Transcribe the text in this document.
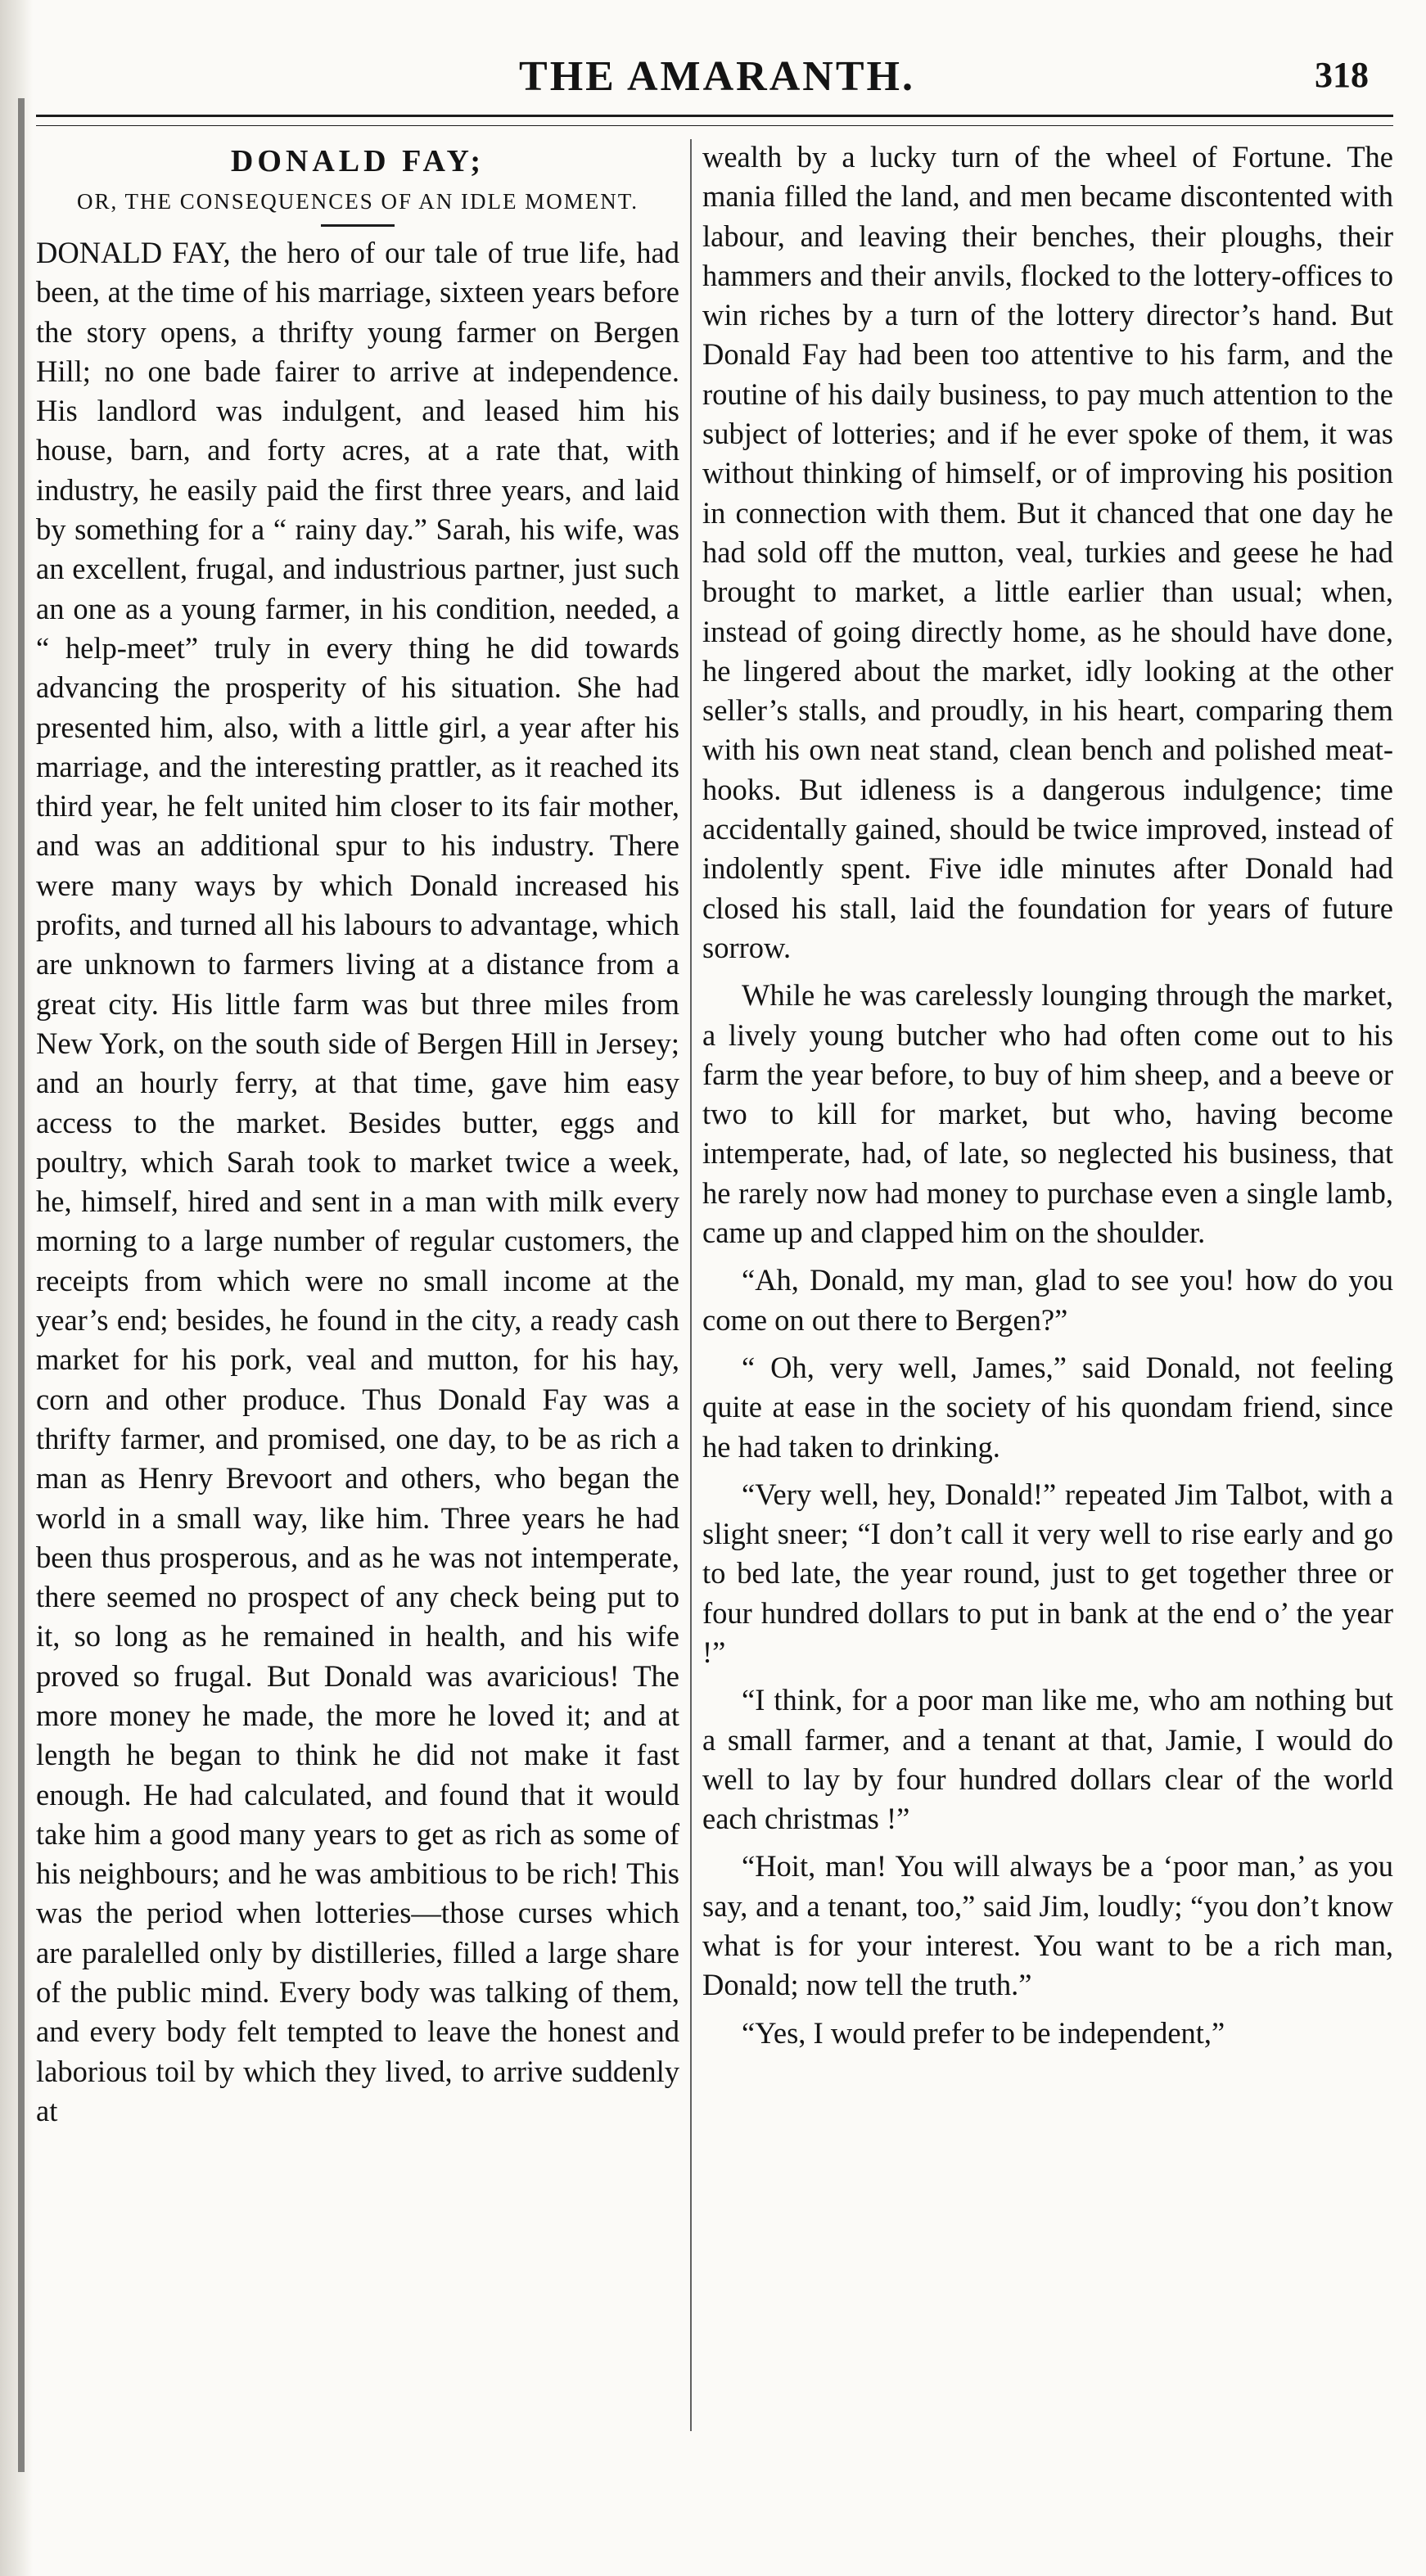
THE AMARANTH.	318
DONALD FAY;
OR, THE CONSEQUENCES OF AN IDLE MOMENT.

DONALD FAY, the hero of our tale of true life, had been, at the time of his marriage, sixteen years before the story opens, a thrifty young farmer on Bergen Hill; no one bade fairer to arrive at independence. His landlord was indulgent, and leased him his house, barn, and forty acres, at a rate that, with industry, he easily paid the first three years, and laid by something for a “ rainy day.” Sarah, his wife, was an excellent, frugal, and industrious partner, just such an one as a young farmer, in his condition, needed, a “ help-meet” truly in every thing he did towards advancing the prosperity of his situation. She had presented him, also, with a little girl, a year after his marriage, and the interesting prattler, as it reached its third year, he felt united him closer to its fair mother, and was an additional spur to his industry. There were many ways by which Donald increased his profits, and turned all his labours to advantage, which are unknown to farmers living at a distance from a great city. His little farm was but three miles from New York, on the south side of Bergen Hill in Jersey; and an hourly ferry, at that time, gave him easy access to the market. Besides butter, eggs and poultry, which Sarah took to market twice a week, he, himself, hired and sent in a man with milk every morning to a large number of regular customers, the receipts from which were no small income at the year’s end; besides, he found in the city, a ready cash market for his pork, veal and mutton, for his hay, corn and other produce. Thus Donald Fay was a thrifty farmer, and promised, one day, to be as rich a man as Henry Brevoort and others, who began the world in a small way, like him. Three years he had been thus prosperous, and as he was not intemperate, there seemed no prospect of any check being put to it, so long as he remained in health, and his wife proved so frugal. But Donald was avaricious! The more money he made, the more he loved it; and at length he began to think he did not make it fast enough. He had calculated, and found that it would take him a good many years to get as rich as some of his neighbours; and he was ambitious to be rich! This was the period when lotteries—those curses which are paralelled only by distilleries, filled a large share of the public mind. Every body was talking of them, and every body felt tempted to leave the honest and laborious toil by which they lived, to arrive suddenly at

wealth by a lucky turn of the wheel of Fortune. The mania filled the land, and men became discontented with labour, and leaving their benches, their ploughs, their hammers and their anvils, flocked to the lottery-offices to win riches by a turn of the lottery director’s hand. But Donald Fay had been too attentive to his farm, and the routine of his daily business, to pay much attention to the subject of lotteries; and if he ever spoke of them, it was without thinking of himself, or of improving his position in connection with them. But it chanced that one day he had sold off the mutton, veal, turkies and geese he had brought to market, a little earlier than usual; when, instead of going directly home, as he should have done, he lingered about the market, idly looking at the other seller’s stalls, and proudly, in his heart, comparing them with his own neat stand, clean bench and polished meat-hooks. But idleness is a dangerous indulgence; time accidentally gained, should be twice improved, instead of indolently spent. Five idle minutes after Donald had closed his stall, laid the foundation for years of future sorrow.

While he was carelessly lounging through the market, a lively young butcher who had often come out to his farm the year before, to buy of him sheep, and a beeve or two to kill for market, but who, having become intemperate, had, of late, so neglected his business, that he rarely now had money to purchase even a single lamb, came up and clapped him on the shoulder.

“Ah, Donald, my man, glad to see you! how do you come on out there to Bergen?”

“ Oh, very well, James,” said Donald, not feeling quite at ease in the society of his quondam friend, since he had taken to drinking.

“Very well, hey, Donald!” repeated Jim Talbot, with a slight sneer; “I don’t call it very well to rise early and go to bed late, the year round, just to get together three or four hundred dollars to put in bank at the end o’ the year !”

“I think, for a poor man like me, who am nothing but a small farmer, and a tenant at that, Jamie, I would do well to lay by four hundred dollars clear of the world each christmas !”

“Hoit, man! You will always be a ‘poor man,’ as you say, and a tenant, too,” said Jim, loudly; “you don’t know what is for your interest. You want to be a rich man, Donald; now tell the truth.”

“Yes, I would prefer to be independent,”
